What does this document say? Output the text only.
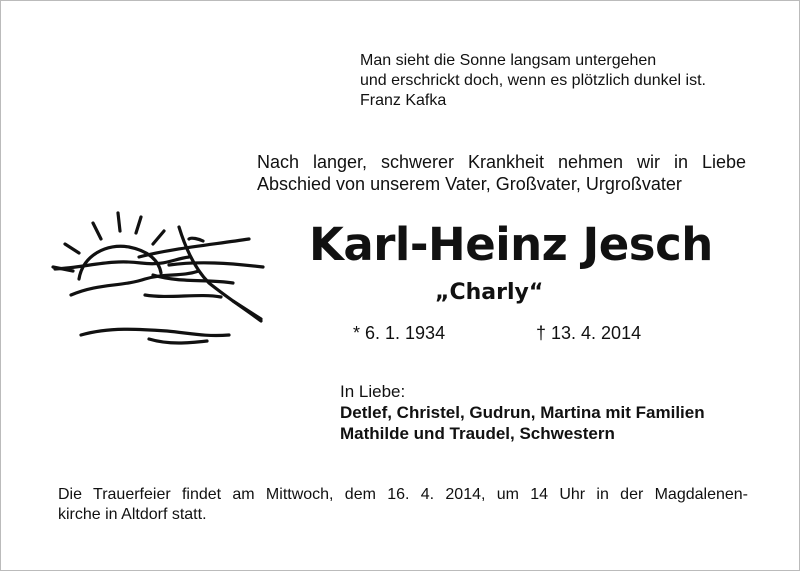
Man sieht die Sonne langsam untergehen
und erschrickt doch, wenn es plötzlich dunkel ist.
Franz Kafka
Nach langer, schwerer Krankheit nehmen wir in Liebe
Abschied von unserem Vater, Großvater, Urgroßvater
Karl-Heinz Jesch
„Charly“
* 6. 1. 1934	† 13. 4. 2014
In Liebe:
Detlef, Christel, Gudrun, Martina mit Familien
Mathilde und Traudel, Schwestern
Die Trauerfeier findet am Mittwoch, dem 16. 4. 2014, um 14 Uhr in der Magdalenen-
kirche in Altdorf statt.
